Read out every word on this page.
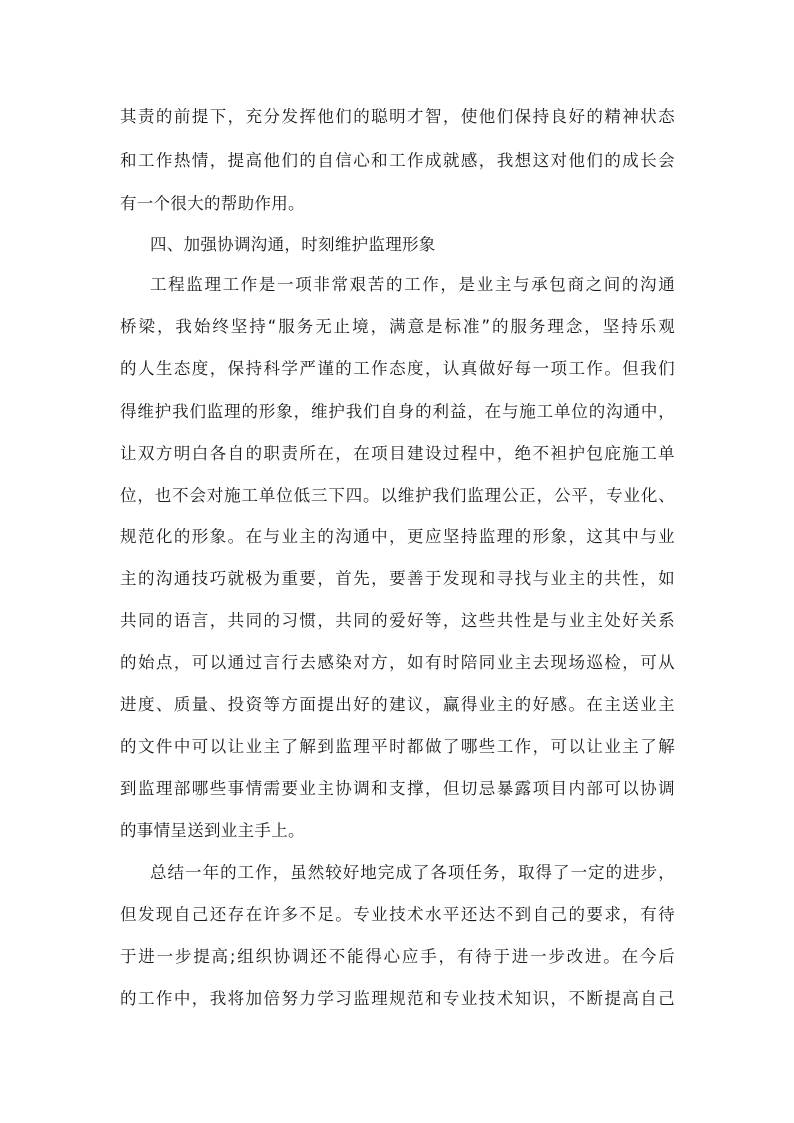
其责的前提下，充分发挥他们的聪明才智，使他们保持良好的精神状态
和工作热情，提高他们的自信心和工作成就感，我想这对他们的成长会
有一个很大的帮助作用。
四、加强协调沟通，时刻维护监理形象
工程监理工作是一项非常艰苦的工作，是业主与承包商之间的沟通
桥梁，我始终坚持“服务无止境，满意是标准”的服务理念，坚持乐观
的人生态度，保持科学严谨的工作态度，认真做好每一项工作。但我们
得维护我们监理的形象，维护我们自身的利益，在与施工单位的沟通中，
让双方明白各自的职责所在，在项目建设过程中，绝不袒护包庇施工单
位，也不会对施工单位低三下四。以维护我们监理公正，公平，专业化、
规范化的形象。在与业主的沟通中，更应坚持监理的形象，这其中与业
主的沟通技巧就极为重要，首先，要善于发现和寻找与业主的共性，如
共同的语言，共同的习惯，共同的爱好等，这些共性是与业主处好关系
的始点，可以通过言行去感染对方，如有时陪同业主去现场巡检，可从
进度、质量、投资等方面提出好的建议，赢得业主的好感。在主送业主
的文件中可以让业主了解到监理平时都做了哪些工作，可以让业主了解
到监理部哪些事情需要业主协调和支撑，但切忌暴露项目内部可以协调
的事情呈送到业主手上。
总结一年的工作，虽然较好地完成了各项任务，取得了一定的进步，
但发现自己还存在许多不足。专业技术水平还达不到自己的要求，有待
于进一步提高;组织协调还不能得心应手，有待于进一步改进。在今后
的工作中，我将加倍努力学习监理规范和专业技术知识，不断提高自己
